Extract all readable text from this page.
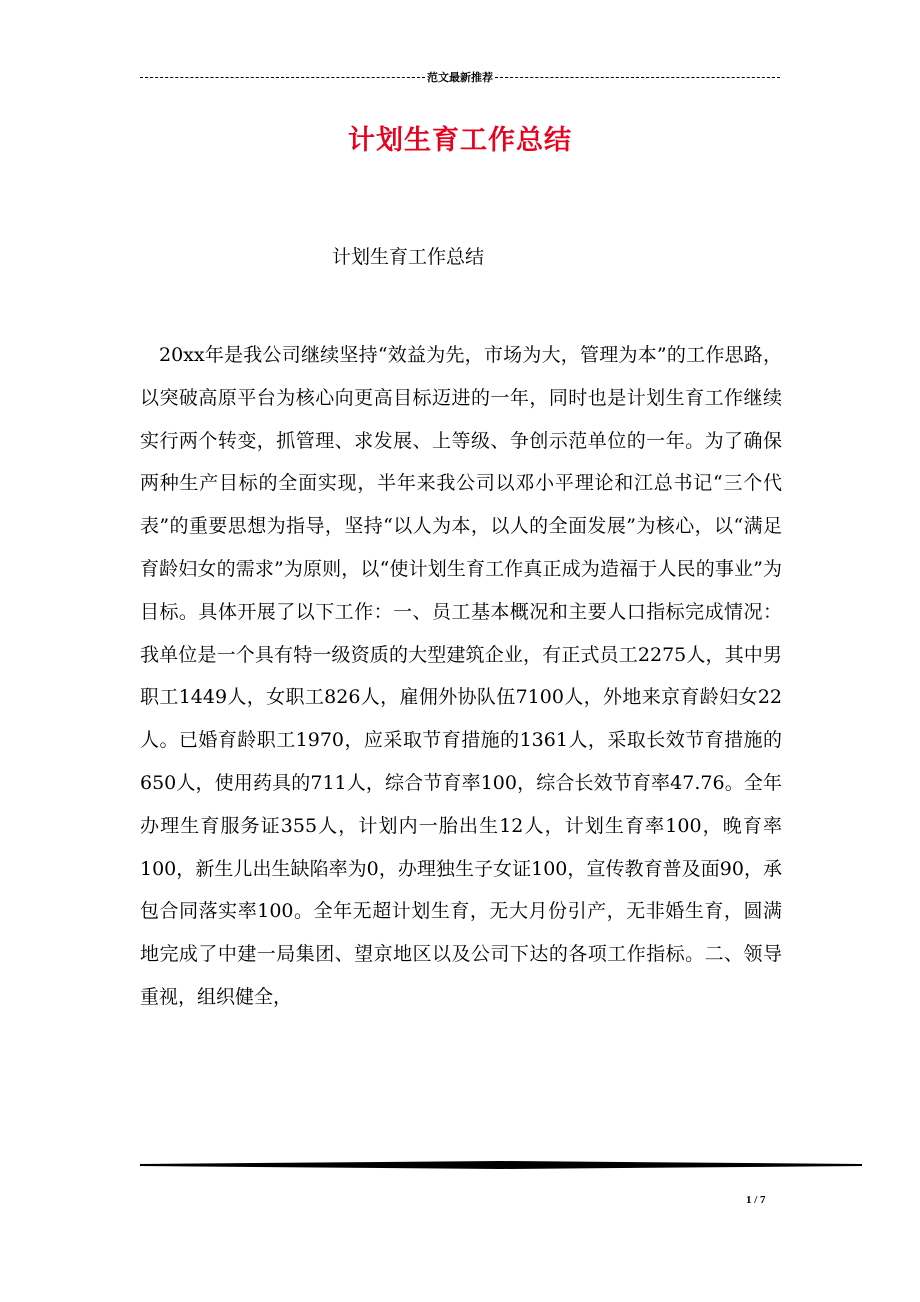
范文最新推荐
计划生育工作总结
计划生育工作总结

20xx年是我公司继续坚持“效益为先，市场为大，管理为本”的工作思路，以突破高原平台为核心向更高目标迈进的一年，同时也是计划生育工作继续实行两个转变，抓管理、求发展、上等级、争创示范单位的一年。为了确保两种生产目标的全面实现，半年来我公司以邓小平理论和江总书记“三个代表”的重要思想为指导，坚持“以人为本，以人的全面发展”为核心，以“满足育龄妇女的需求”为原则，以“使计划生育工作真正成为造福于人民的事业”为目标。具体开展了以下工作：一、员工基本概况和主要人口指标完成情况：我单位是一个具有特一级资质的大型建筑企业，有正式员工2275人，其中男职工1449人，女职工826人，雇佣外协队伍7100人，外地来京育龄妇女22人。已婚育龄职工1970，应采取节育措施的1361人，采取长效节育措施的650人，使用药具的711人，综合节育率100，综合长效节育率47.76。全年办理生育服务证355人，计划内一胎出生12人，计划生育率100，晚育率100，新生儿出生缺陷率为0，办理独生子女证100，宣传教育普及面90，承包合同落实率100。全年无超计划生育，无大月份引产，无非婚生育，圆满地完成了中建一局集团、望京地区以及公司下达的各项工作指标。二、领导重视，组织健全，

1 / 7
